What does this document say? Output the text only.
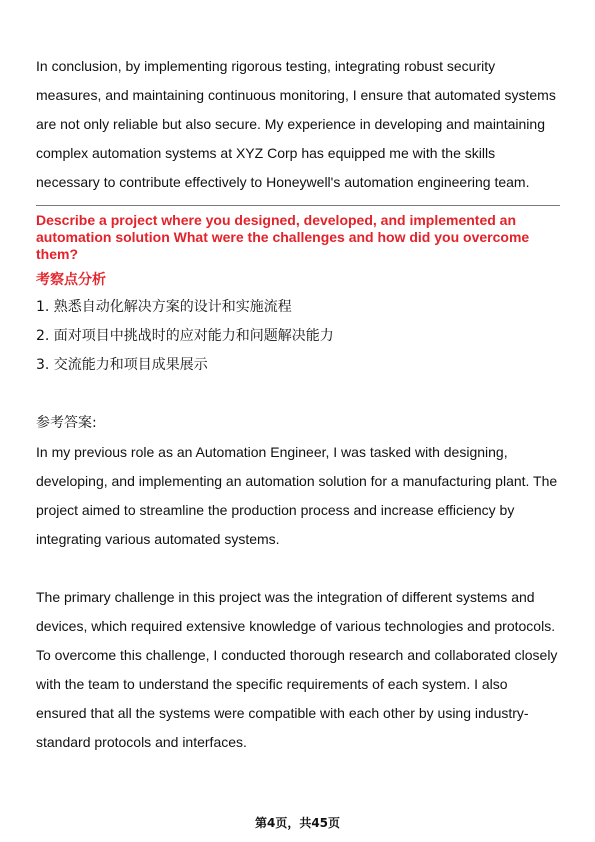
In conclusion, by implementing rigorous testing, integrating robust security measures, and maintaining continuous monitoring, I ensure that automated systems are not only reliable but also secure. My experience in developing and maintaining complex automation systems at XYZ Corp has equipped me with the skills necessary to contribute effectively to Honeywell's automation engineering team.

Describe a project where you designed, developed, and implemented an automation solution What were the challenges and how did you overcome them?

考察点分析

1. 熟悉自动化解决方案的设计和实施流程

2. 面对项目中挑战时的应对能力和问题解决能力

3. 交流能力和项目成果展示

参考答案:

In my previous role as an Automation Engineer, I was tasked with designing, developing, and implementing an automation solution for a manufacturing plant. The project aimed to streamline the production process and increase efficiency by integrating various automated systems.

The primary challenge in this project was the integration of different systems and devices, which required extensive knowledge of various technologies and protocols. To overcome this challenge, I conducted thorough research and collaborated closely with the team to understand the specific requirements of each system. I also ensured that all the systems were compatible with each other by using industry-standard protocols and interfaces.

第4页，共45页
